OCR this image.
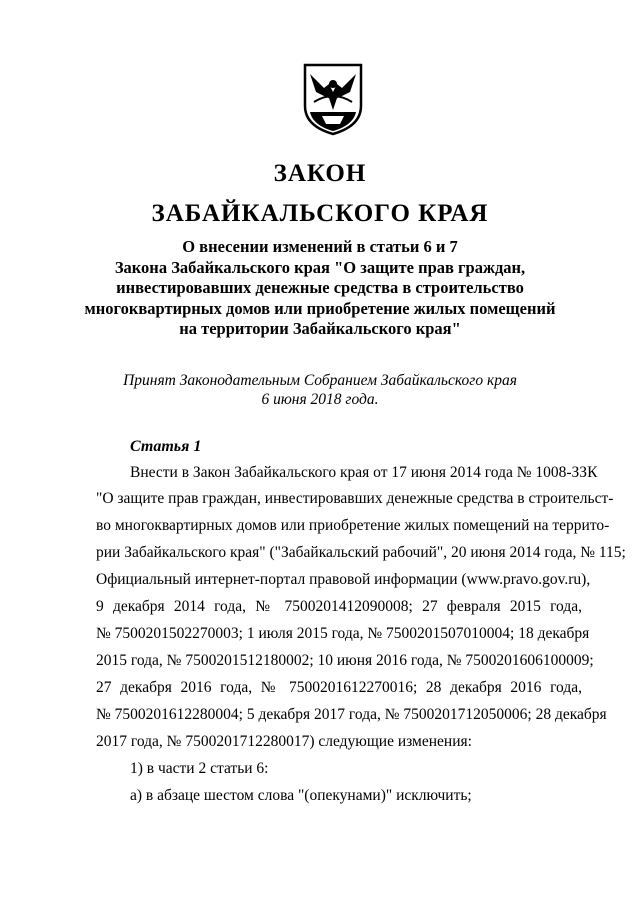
ЗАКОН
ЗАБАЙКАЛЬСКОГО КРАЯ
О внесении изменений в статьи 6 и 7
Закона Забайкальского края "О защите прав граждан,
инвестировавших денежные средства в строительство
многоквартирных домов или приобретение жилых помещений
на территории Забайкальского края"
Принят Законодательным Собранием Забайкальского края
6 июня 2018 года.
Статья 1
Внести в Закон Забайкальского края от 17 июня 2014 года № 1008-ЗЗК
"О защите прав граждан, инвестировавших денежные средства в строительст-
во многоквартирных домов или приобретение жилых помещений на террито-
рии Забайкальского края" ("Забайкальский рабочий", 20 июня 2014 года, № 115;
Официальный интернет-портал правовой информации (www.pravo.gov.ru),
9 декабря 2014 года, № 7500201412090008; 27 февраля 2015 года,
№ 7500201502270003; 1 июля 2015 года, № 7500201507010004; 18 декабря
2015 года, № 7500201512180002; 10 июня 2016 года, № 7500201606100009;
27 декабря 2016 года, № 7500201612270016; 28 декабря 2016 года,
№ 7500201612280004; 5 декабря 2017 года, № 7500201712050006; 28 декабря
2017 года, № 7500201712280017) следующие изменения:
1) в части 2 статьи 6:
а) в абзаце шестом слова "(опекунами)" исключить;
